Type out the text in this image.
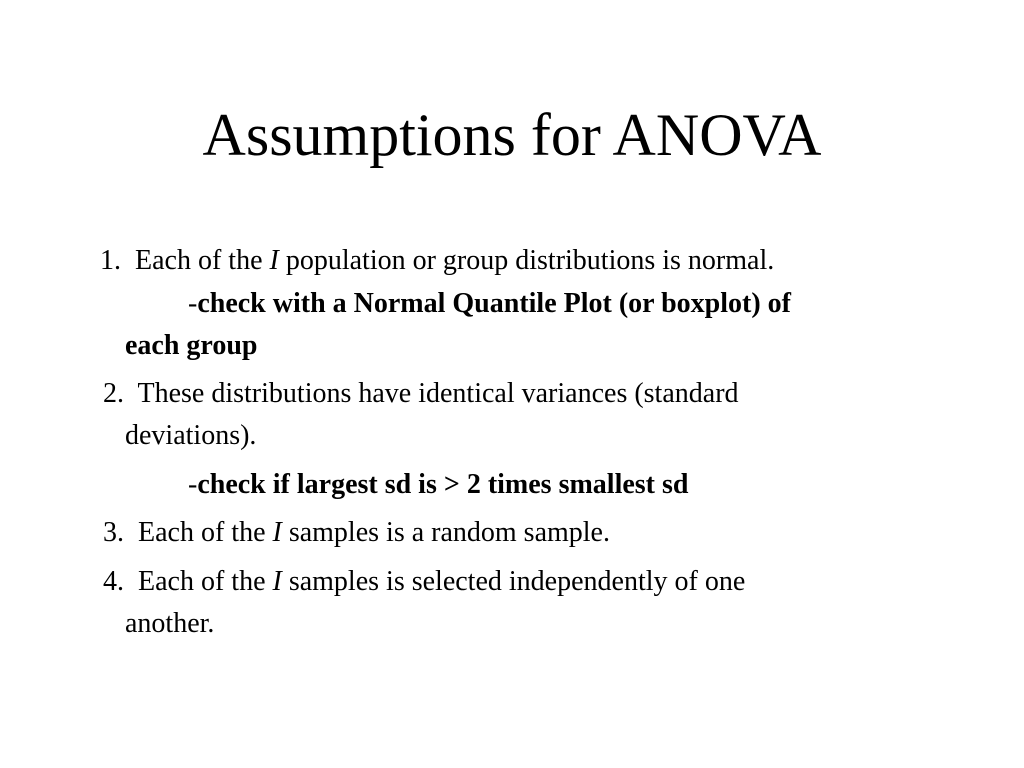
Assumptions for ANOVA
1. Each of the I population or group distributions is normal.
-check with a Normal Quantile Plot (or boxplot) of
each group
2. These distributions have identical variances (standard
deviations).
-check if largest sd is > 2 times smallest sd
3. Each of the I samples is a random sample.
4. Each of the I samples is selected independently of one
another.
